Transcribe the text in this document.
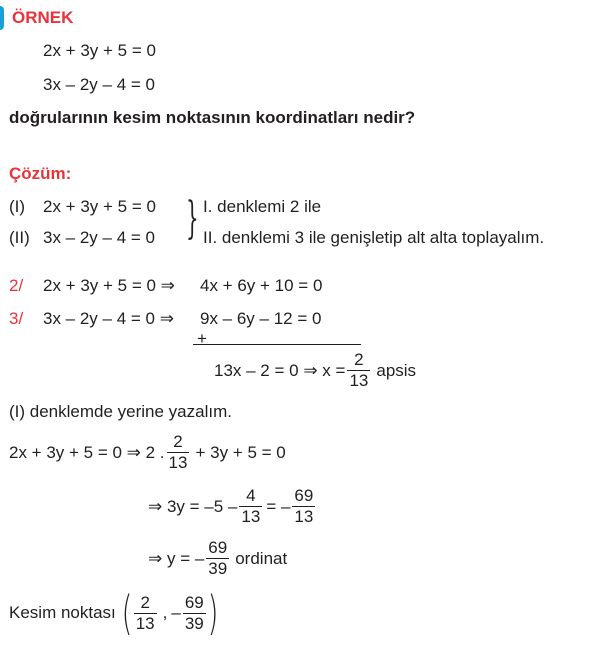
ÖRNEK
2x + 3y + 5 = 0
3x – 2y – 4 = 0
doğrularının kesim noktasının koordinatları nedir?
Çözüm:
(I) 2x + 3y + 5 = 0
(II) 3x – 2y – 4 = 0 } I. denklemi 2 ile
II. denklemi 3 ile genişletip alt alta toplayalım.
2/ 2x + 3y + 5 = 0 ⇒ 4x + 6y + 10 = 0
3/ 3x – 2y – 4 = 0 ⇒ 9x – 6y – 12 = 0
+
13x – 2 = 0 ⇒ $x = \frac{2}{13}$ apsis
(I) denklemde yerine yazalım.
2x + 3y + 5 = 0 ⇒ 2 . $\frac{2}{13} + 3y + 5 = 0$
⇒ $3y = -5 - \frac{4}{13}$ = – $\frac{69}{13}$
⇒ y = – $\frac{69}{39}$ ordinat
Kesim noktası ( $\frac{2}{13}$ , – $\frac{69}{39}$ )
